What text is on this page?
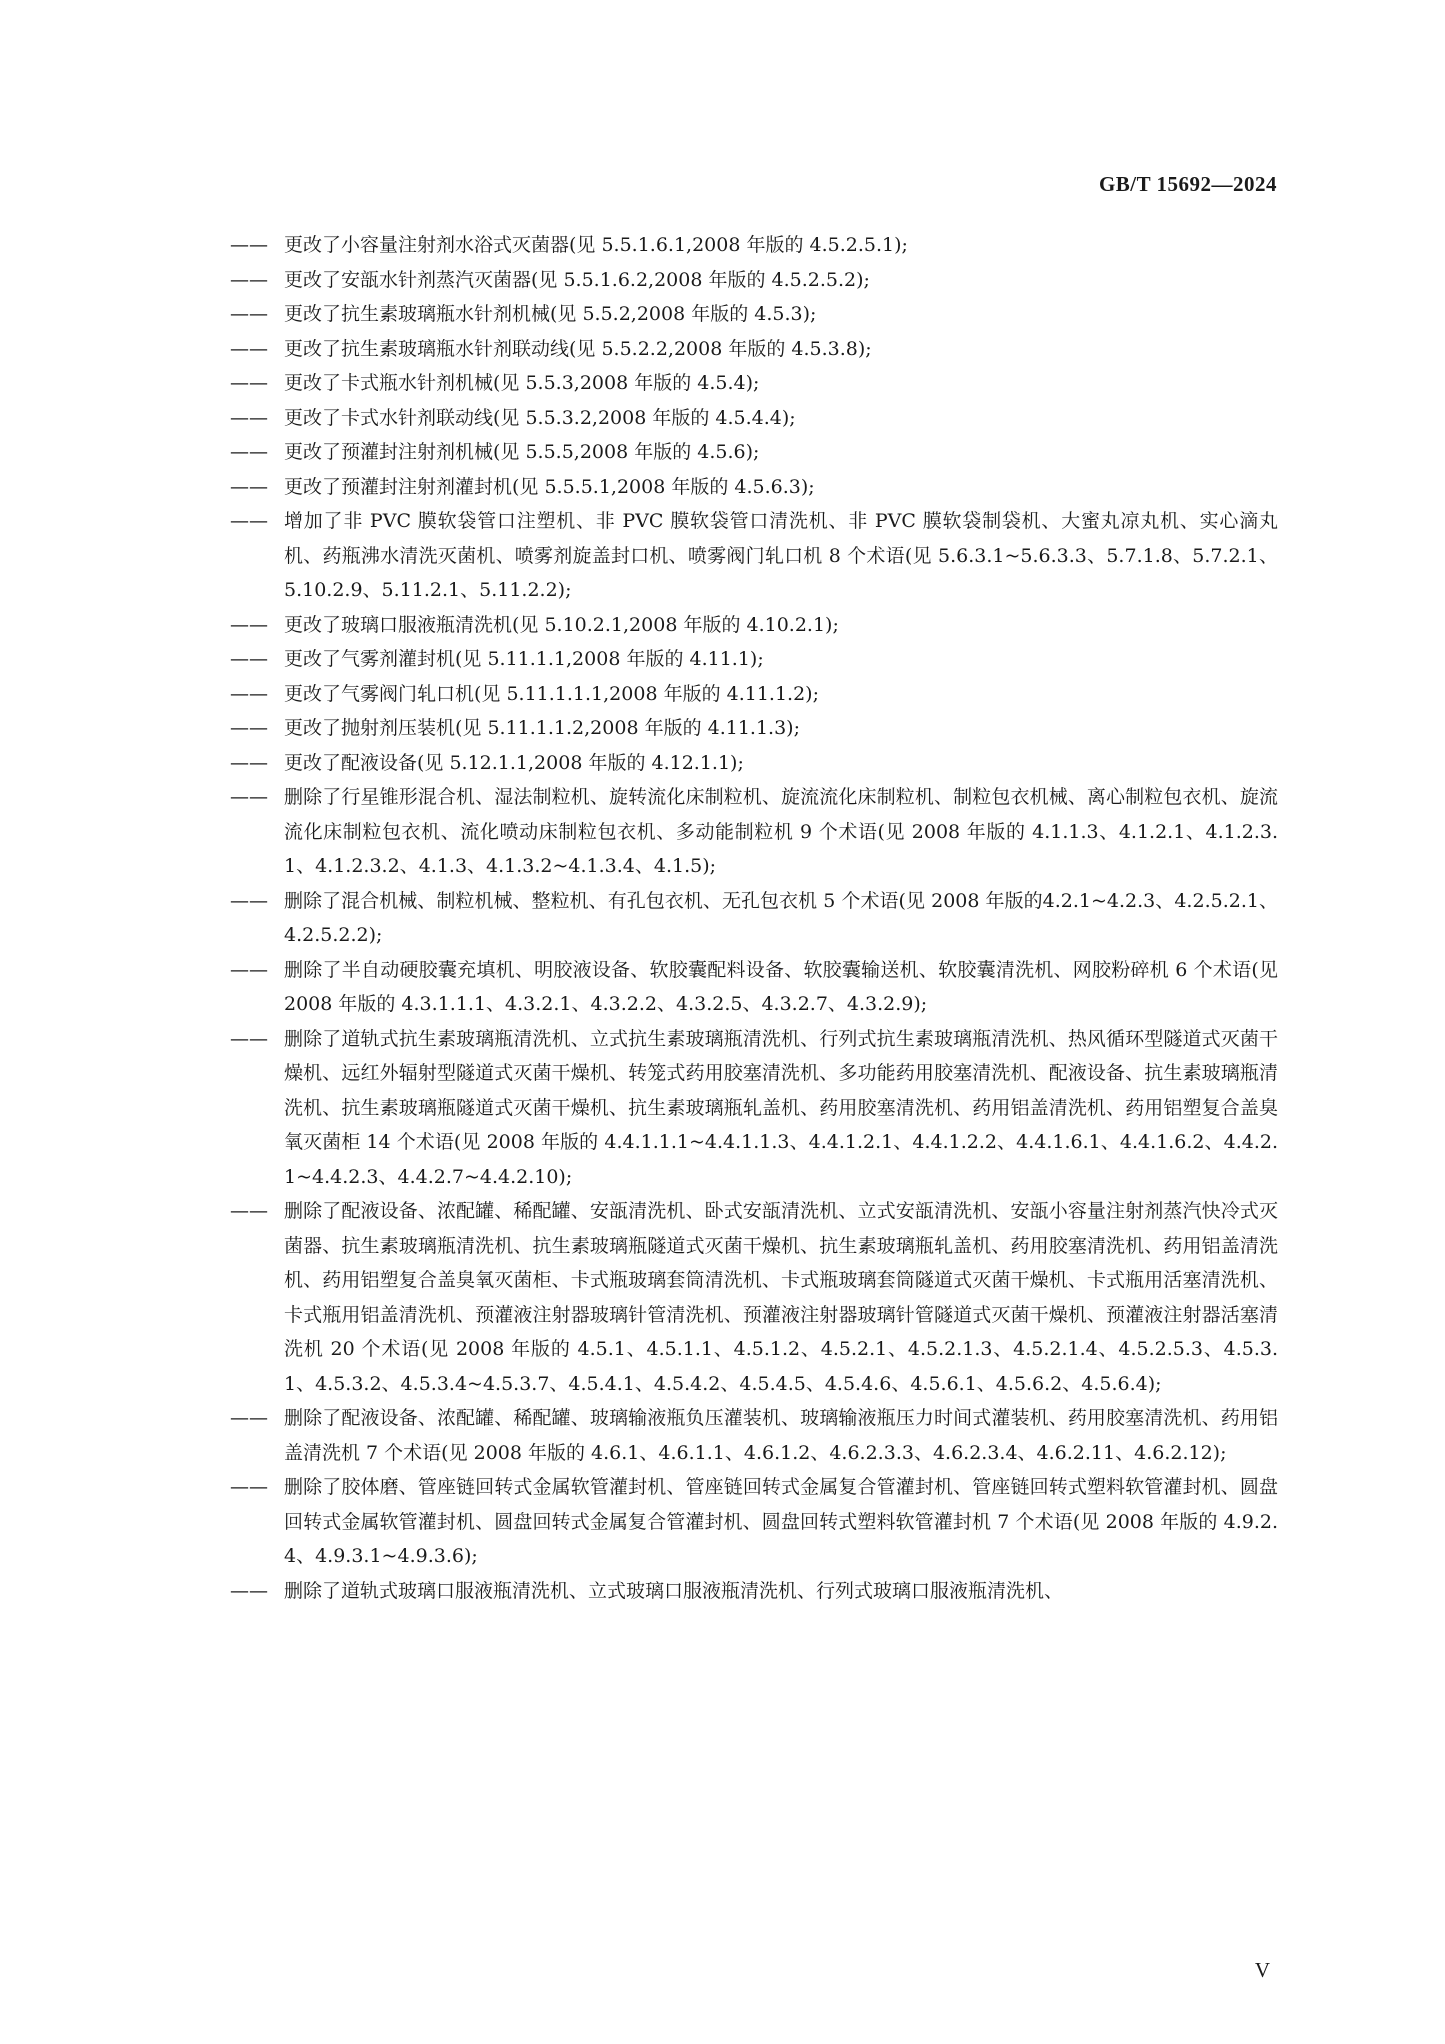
GB/T 15692—2024
—— 更改了小容量注射剂水浴式灭菌器(见 5.5.1.6.1,2008 年版的 4.5.2.5.1);
—— 更改了安瓿水针剂蒸汽灭菌器(见 5.5.1.6.2,2008 年版的 4.5.2.5.2);
—— 更改了抗生素玻璃瓶水针剂机械(见 5.5.2,2008 年版的 4.5.3);
—— 更改了抗生素玻璃瓶水针剂联动线(见 5.5.2.2,2008 年版的 4.5.3.8);
—— 更改了卡式瓶水针剂机械(见 5.5.3,2008 年版的 4.5.4);
—— 更改了卡式水针剂联动线(见 5.5.3.2,2008 年版的 4.5.4.4);
—— 更改了预灌封注射剂机械(见 5.5.5,2008 年版的 4.5.6);
—— 更改了预灌封注射剂灌封机(见 5.5.5.1,2008 年版的 4.5.6.3);
—— 增加了非 PVC 膜软袋管口注塑机、非 PVC 膜软袋管口清洗机、非 PVC 膜软袋制袋机、大蜜丸凉丸机、实心滴丸机、药瓶沸水清洗灭菌机、喷雾剂旋盖封口机、喷雾阀门轧口机 8 个术语(见 5.6.3.1~5.6.3.3、5.7.1.8、5.7.2.1、5.10.2.9、5.11.2.1、5.11.2.2);
—— 更改了玻璃口服液瓶清洗机(见 5.10.2.1,2008 年版的 4.10.2.1);
—— 更改了气雾剂灌封机(见 5.11.1.1,2008 年版的 4.11.1);
—— 更改了气雾阀门轧口机(见 5.11.1.1.1,2008 年版的 4.11.1.2);
—— 更改了抛射剂压装机(见 5.11.1.1.2,2008 年版的 4.11.1.3);
—— 更改了配液设备(见 5.12.1.1,2008 年版的 4.12.1.1);
—— 删除了行星锥形混合机、湿法制粒机、旋转流化床制粒机、旋流流化床制粒机、制粒包衣机械、离心制粒包衣机、旋流流化床制粒包衣机、流化喷动床制粒包衣机、多动能制粒机 9 个术语(见 2008 年版的 4.1.1.3、4.1.2.1、4.1.2.3.1、4.1.2.3.2、4.1.3、4.1.3.2~4.1.3.4、4.1.5);
—— 删除了混合机械、制粒机械、整粒机、有孔包衣机、无孔包衣机 5 个术语(见 2008 年版的4.2.1~4.2.3、4.2.5.2.1、4.2.5.2.2);
—— 删除了半自动硬胶囊充填机、明胶液设备、软胶囊配料设备、软胶囊输送机、软胶囊清洗机、网胶粉碎机 6 个术语(见 2008 年版的 4.3.1.1.1、4.3.2.1、4.3.2.2、4.3.2.5、4.3.2.7、4.3.2.9);
—— 删除了道轨式抗生素玻璃瓶清洗机、立式抗生素玻璃瓶清洗机、行列式抗生素玻璃瓶清洗机、热风循环型隧道式灭菌干燥机、远红外辐射型隧道式灭菌干燥机、转笼式药用胶塞清洗机、多功能药用胶塞清洗机、配液设备、抗生素玻璃瓶清洗机、抗生素玻璃瓶隧道式灭菌干燥机、抗生素玻璃瓶轧盖机、药用胶塞清洗机、药用铝盖清洗机、药用铝塑复合盖臭氧灭菌柜 14 个术语(见 2008 年版的 4.4.1.1.1~4.4.1.1.3、4.4.1.2.1、4.4.1.2.2、4.4.1.6.1、4.4.1.6.2、4.4.2.1~4.4.2.3、4.4.2.7~4.4.2.10);
—— 删除了配液设备、浓配罐、稀配罐、安瓿清洗机、卧式安瓿清洗机、立式安瓿清洗机、安瓿小容量注射剂蒸汽快冷式灭菌器、抗生素玻璃瓶清洗机、抗生素玻璃瓶隧道式灭菌干燥机、抗生素玻璃瓶轧盖机、药用胶塞清洗机、药用铝盖清洗机、药用铝塑复合盖臭氧灭菌柜、卡式瓶玻璃套筒清洗机、卡式瓶玻璃套筒隧道式灭菌干燥机、卡式瓶用活塞清洗机、卡式瓶用铝盖清洗机、预灌液注射器玻璃针管清洗机、预灌液注射器玻璃针管隧道式灭菌干燥机、预灌液注射器活塞清洗机 20 个术语(见 2008 年版的 4.5.1、4.5.1.1、4.5.1.2、4.5.2.1、4.5.2.1.3、4.5.2.1.4、4.5.2.5.3、4.5.3.1、4.5.3.2、4.5.3.4~4.5.3.7、4.5.4.1、4.5.4.2、4.5.4.5、4.5.4.6、4.5.6.1、4.5.6.2、4.5.6.4);
—— 删除了配液设备、浓配罐、稀配罐、玻璃输液瓶负压灌装机、玻璃输液瓶压力时间式灌装机、药用胶塞清洗机、药用铝盖清洗机 7 个术语(见 2008 年版的 4.6.1、4.6.1.1、4.6.1.2、4.6.2.3.3、4.6.2.3.4、4.6.2.11、4.6.2.12);
—— 删除了胶体磨、管座链回转式金属软管灌封机、管座链回转式金属复合管灌封机、管座链回转式塑料软管灌封机、圆盘回转式金属软管灌封机、圆盘回转式金属复合管灌封机、圆盘回转式塑料软管灌封机 7 个术语(见 2008 年版的 4.9.2.4、4.9.3.1~4.9.3.6);
—— 删除了道轨式玻璃口服液瓶清洗机、立式玻璃口服液瓶清洗机、行列式玻璃口服液瓶清洗机、
V
